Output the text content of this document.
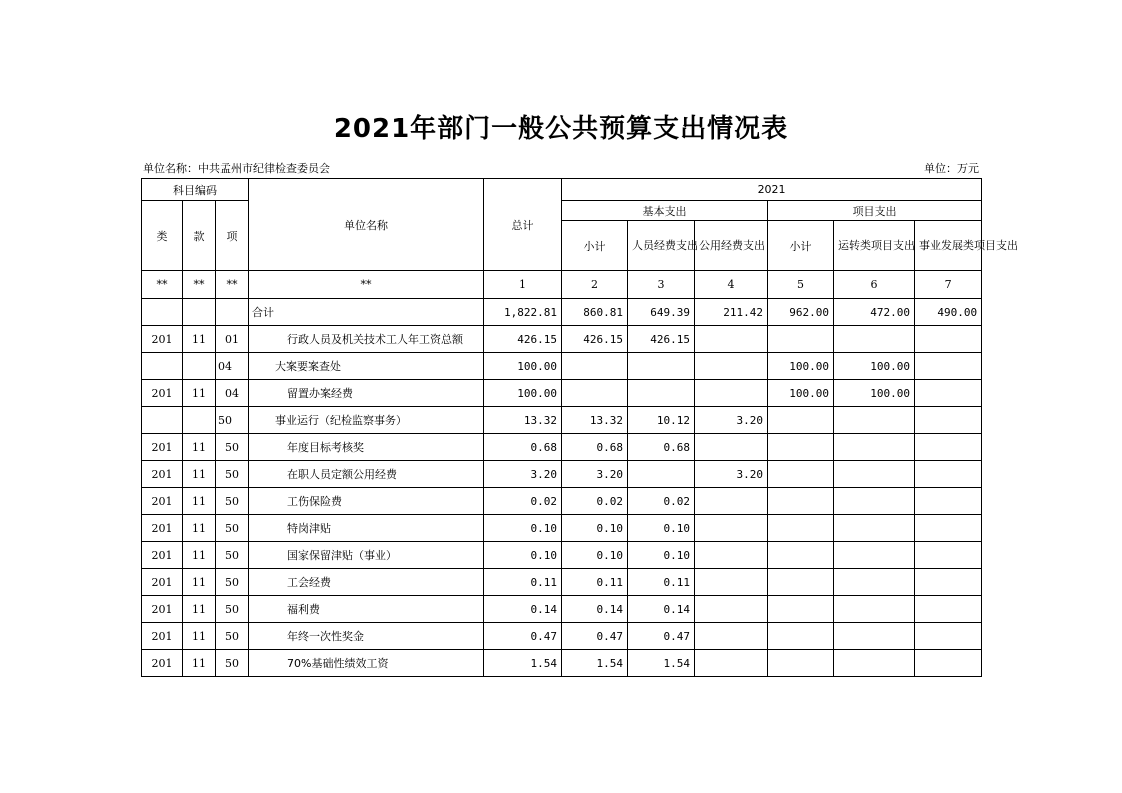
2021年部门一般公共预算支出情况表
单位名称：中共孟州市纪律检查委员会	单位：万元
科目编码			单位名称	总计	2021					
类	款	项			基本支出			项目支出		
					小计	人员经费支出	公用经费支出	小计	运转类项目支出	事业发展类项目支出
**	**	**	**	1	2	3	4	5	6	7
			合计	1,822.81	860.81	649.39	211.42	962.00	472.00	490.00
201	11	01	行政人员及机关技术工人年工资总额	426.15	426.15	426.15				
		04	大案要案查处	100.00				100.00	100.00	
201	11	04	留置办案经费	100.00				100.00	100.00	
		50	事业运行（纪检监察事务）	13.32	13.32	10.12	3.20			
201	11	50	年度目标考核奖	0.68	0.68	0.68				
201	11	50	在职人员定额公用经费	3.20	3.20		3.20			
201	11	50	工伤保险费	0.02	0.02	0.02				
201	11	50	特岗津贴	0.10	0.10	0.10				
201	11	50	国家保留津贴（事业）	0.10	0.10	0.10				
201	11	50	工会经费	0.11	0.11	0.11				
201	11	50	福利费	0.14	0.14	0.14				
201	11	50	年终一次性奖金	0.47	0.47	0.47				
201	11	50	70%基础性绩效工资	1.54	1.54	1.54				
